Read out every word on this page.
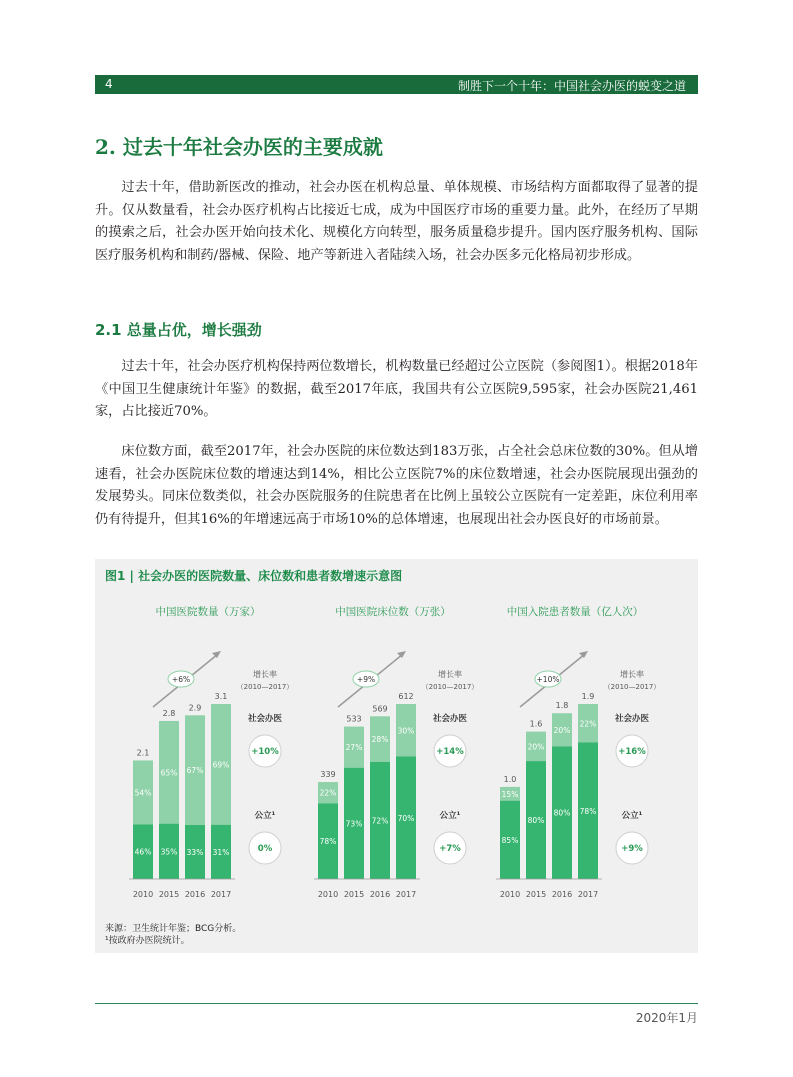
4	制胜下一个十年：中国社会办医的蜕变之道
2. 过去十年社会办医的主要成就

过去十年，借助新医改的推动，社会办医在机构总量、单体规模、市场结构方面都取得了显著的提升。仅从数量看，社会办医疗机构占比接近七成，成为中国医疗市场的重要力量。此外，在经历了早期的摸索之后，社会办医开始向技术化、规模化方向转型，服务质量稳步提升。国内医疗服务机构、国际医疗服务机构和制药/器械、保险、地产等新进入者陆续入场，社会办医多元化格局初步形成。

2.1 总量占优，增长强劲

过去十年，社会办医疗机构保持两位数增长，机构数量已经超过公立医院（参阅图1）。根据2018年《中国卫生健康统计年鉴》的数据，截至2017年底，我国共有公立医院9,595家，社会办医院21,461家，占比接近70%。

床位数方面，截至2017年，社会办医院的床位数达到183万张，占全社会总床位数的30%。但从增速看，社会办医院床位数的增速达到14%，相比公立医院7%的床位数增速，社会办医院展现出强劲的发展势头。同床位数类似，社会办医院服务的住院患者在比例上虽较公立医院有一定差距，床位利用率仍有待提升，但其16%的年增速远高于市场10%的总体增速，也展现出社会办医良好的市场前景。

图1 | 社会办医的医院数量、床位数和患者数增速示意图
中国医院数量（万家）
+6%
46%
54%
2.1
2010
35%
65%
2.8
2015
33%
67%
2.9
2016
31%
69%
3.1
2017
增长率
（2010—2017）
社会办医
+10%
公立¹
0%
中国医院床位数（万张）
+9%
78%
22%
339
2010
73%
27%
533
2015
72%
28%
569
2016
70%
30%
612
2017
增长率
（2010—2017）
社会办医
+14%
公立¹
+7%
中国入院患者数量（亿人次）
+10%
85%
15%
1.0
2010
80%
20%
1.6
2015
80%
20%
1.8
2016
78%
22%
1.9
2017
增长率
（2010—2017）
社会办医
+16%
公立¹
+9%
来源：卫生统计年鉴；BCG分析。
¹按政府办医院统计。
2020年1月
